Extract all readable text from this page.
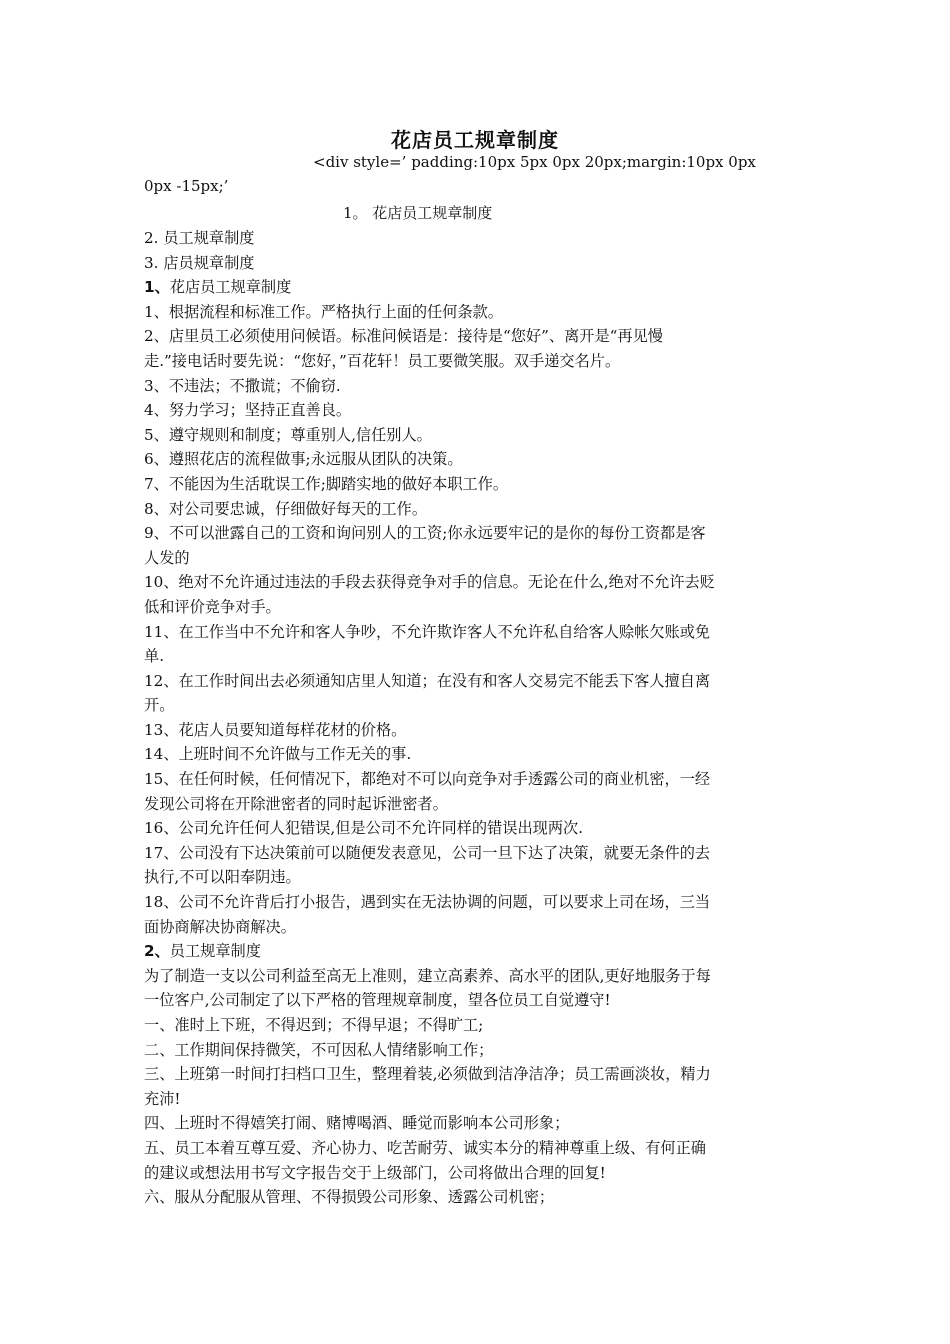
花店员工规章制度
<div style=’ padding:10px 5px 0px 20px;margin:10px 0px
0px -15px;’
1。 花店员工规章制度
2. 员工规章制度
3. 店员规章制度
1、花店员工规章制度
1、根据流程和标准工作。严格执行上面的任何条款。
2、店里员工必须使用问候语。标准问候语是：接待是“您好”、离开是“再见慢
走.”接电话时要先说：“您好，”百花轩！员工要微笑服。双手递交名片。
3、不违法；不撒谎；不偷窃.
4、努力学习；坚持正直善良。
5、遵守规则和制度；尊重别人,信任别人。
6、遵照花店的流程做事;永远服从团队的决策。
7、不能因为生活耽误工作;脚踏实地的做好本职工作。
8、对公司要忠诚，仔细做好每天的工作。
9、不可以泄露自己的工资和询问别人的工资;你永远要牢记的是你的每份工资都是客
人发的
10、绝对不允许通过违法的手段去获得竞争对手的信息。无论在什么,绝对不允许去贬
低和评价竞争对手。
11、在工作当中不允许和客人争吵，不允许欺诈客人不允许私自给客人赊帐欠账或免
单.
12、在工作时间出去必须通知店里人知道；在没有和客人交易完不能丢下客人擅自离
开。
13、花店人员要知道每样花材的价格。
14、上班时间不允许做与工作无关的事.
15、在任何时候，任何情况下，都绝对不可以向竞争对手透露公司的商业机密，一经
发现公司将在开除泄密者的同时起诉泄密者。
16、公司允许任何人犯错误,但是公司不允许同样的错误出现两次.
17、公司没有下达决策前可以随便发表意见，公司一旦下达了决策，就要无条件的去
执行,不可以阳奉阴违。
18、公司不允许背后打小报告，遇到实在无法协调的问题，可以要求上司在场，三当
面协商解决协商解决。
2、员工规章制度
为了制造一支以公司利益至高无上准则，建立高素养、高水平的团队,更好地服务于每
一位客户,公司制定了以下严格的管理规章制度，望各位员工自觉遵守!
一、准时上下班，不得迟到；不得早退；不得旷工;
二、工作期间保持微笑，不可因私人情绪影响工作；
三、上班第一时间打扫档口卫生，整理着装,必须做到洁净洁净；员工需画淡妆，精力
充沛!
四、上班时不得嬉笑打闹、赌博喝酒、睡觉而影响本公司形象；
五、员工本着互尊互爱、齐心协力、吃苦耐劳、诚实本分的精神尊重上级、有何正确
的建议或想法用书写文字报告交于上级部门，公司将做出合理的回复!
六、服从分配服从管理、不得损毁公司形象、透露公司机密；
